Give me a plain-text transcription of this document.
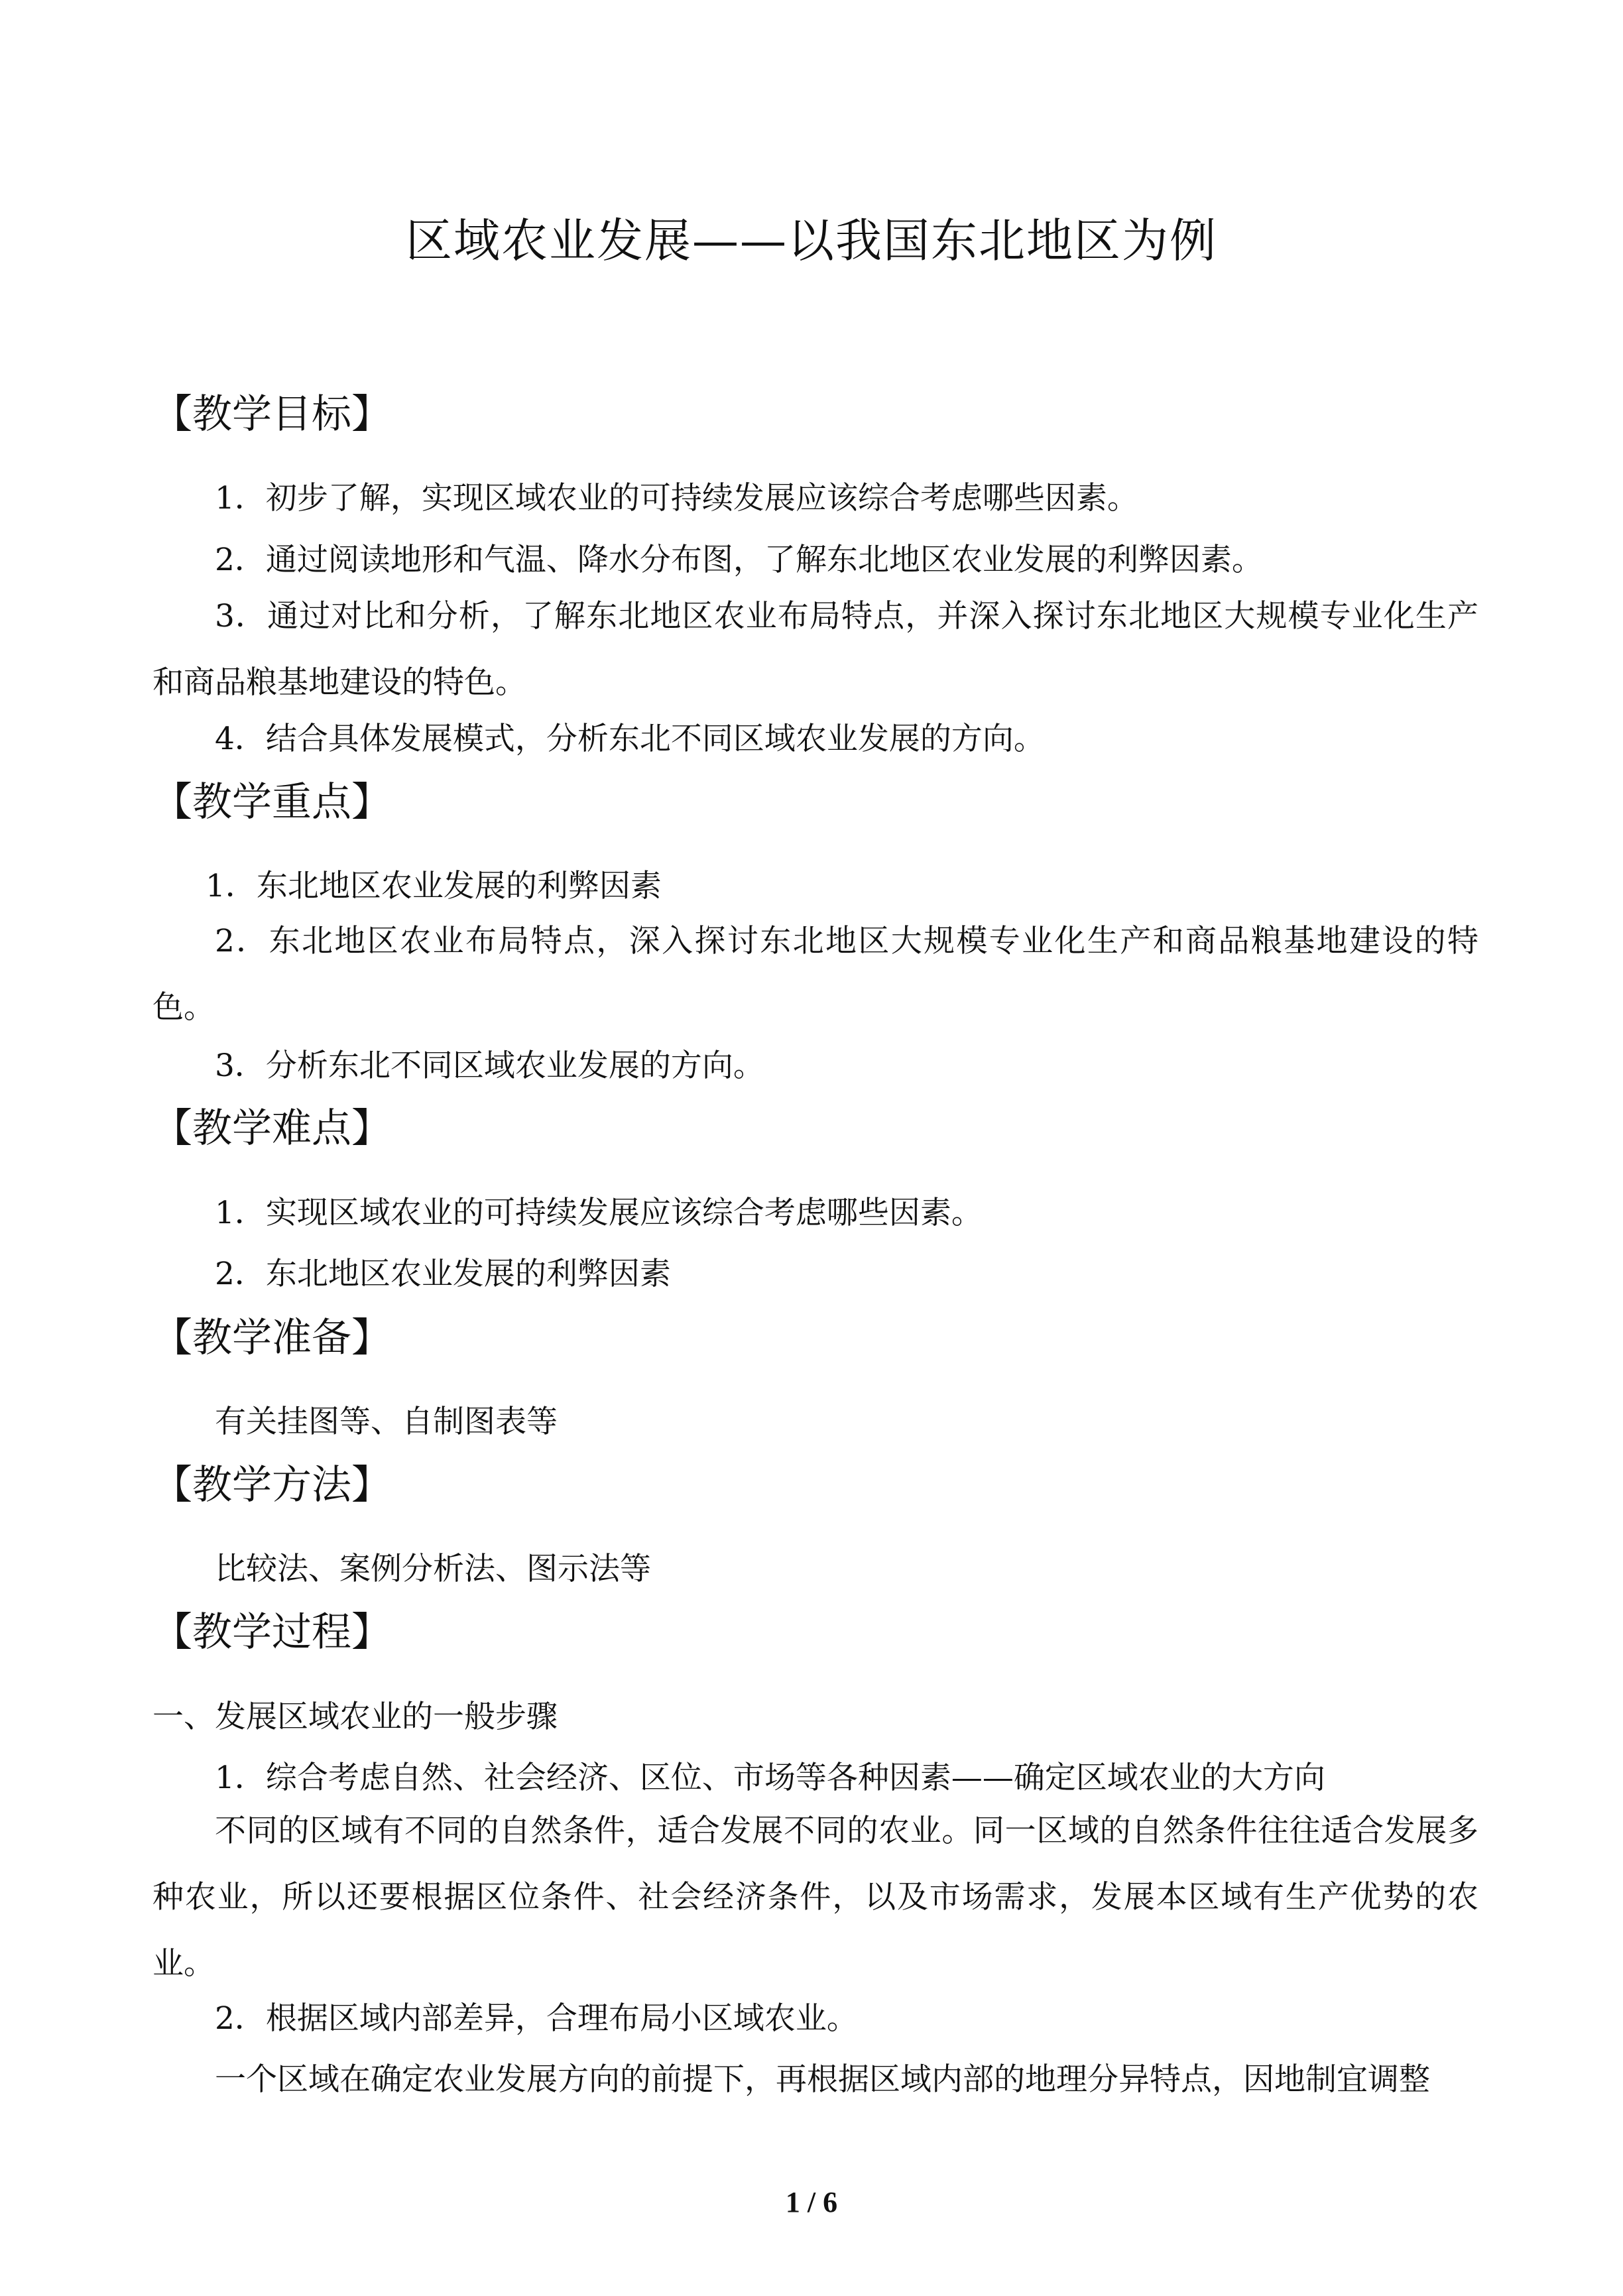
区域农业发展——以我国东北地区为例
【教学目标】
1．初步了解，实现区域农业的可持续发展应该综合考虑哪些因素。
2．通过阅读地形和气温、降水分布图，了解东北地区农业发展的利弊因素。
3．通过对比和分析，了解东北地区农业布局特点，并深入探讨东北地区大规模专业化生产和商品粮基地建设的特色。
4．结合具体发展模式，分析东北不同区域农业发展的方向。
【教学重点】
1．东北地区农业发展的利弊因素
2．东北地区农业布局特点，深入探讨东北地区大规模专业化生产和商品粮基地建设的特色。
3．分析东北不同区域农业发展的方向。
【教学难点】
1．实现区域农业的可持续发展应该综合考虑哪些因素。
2．东北地区农业发展的利弊因素
【教学准备】
有关挂图等、自制图表等
【教学方法】
比较法、案例分析法、图示法等
【教学过程】
一、发展区域农业的一般步骤
1．综合考虑自然、社会经济、区位、市场等各种因素——确定区域农业的大方向
不同的区域有不同的自然条件，适合发展不同的农业。同一区域的自然条件往往适合发展多种农业，所以还要根据区位条件、社会经济条件，以及市场需求，发展本区域有生产优势的农业。
2．根据区域内部差异，合理布局小区域农业。
一个区域在确定农业发展方向的前提下，再根据区域内部的地理分异特点，因地制宜调整
1 / 6
